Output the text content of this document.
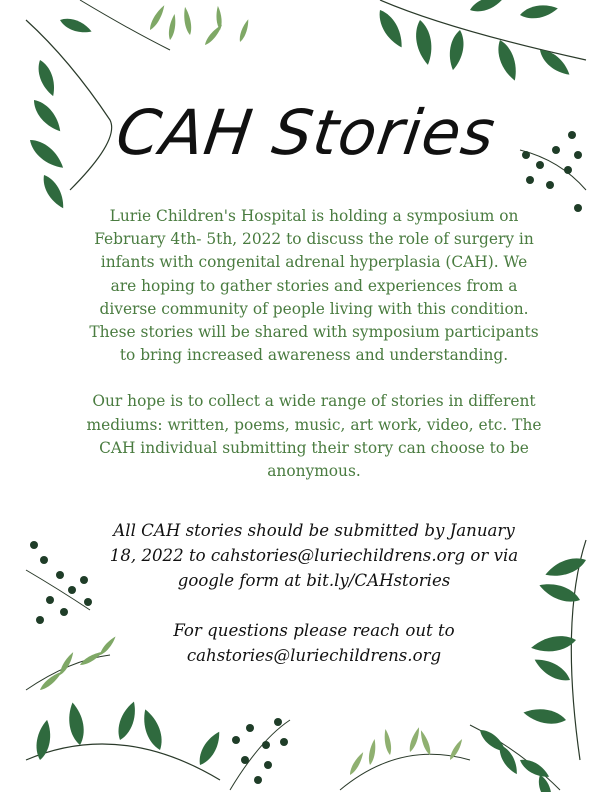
CAH Stories

Lurie Children's Hospital is holding a symposium on February 4th- 5th, 2022 to discuss the role of surgery in infants with congenital adrenal hyperplasia (CAH). We are hoping to gather stories and experiences from a diverse community of people living with this condition. These stories will be shared with symposium participants to bring increased awareness and understanding.

Our hope is to collect a wide range of stories in different mediums: written, poems, music, art work, video, etc. The CAH individual submitting their story can choose to be anonymous.

All CAH stories should be submitted by January 18, 2022 to cahstories@luriechildrens.org or via google form at bit.ly/CAHstories

For questions please reach out to cahstories@luriechildrens.org
